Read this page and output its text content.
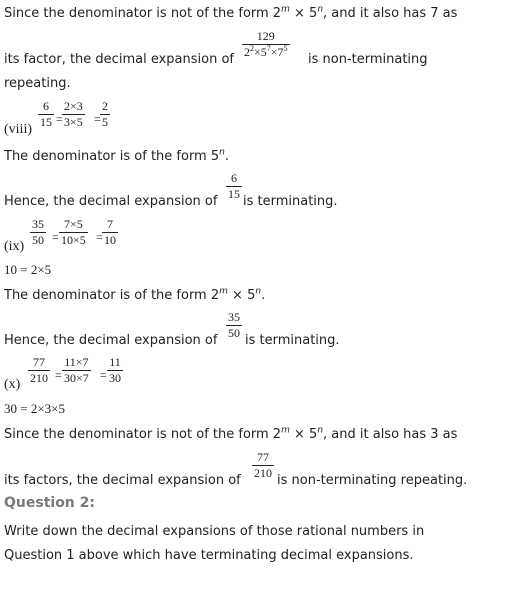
Since the denominator is not of the form $2^m \times 5^n$, and it also has 7 as
its factor, the decimal expansion of
$\frac{129}{2^2\times 5^7\times 7^5}$
is non-terminating
repeating.
$\frac{6}{15} = \frac{2\times 3}{3\times 5} = \frac{2}{5}$
(viii)
The denominator is of the form 5$^n$.
Hence, the decimal expansion of
$\frac{6}{15}$
is terminating.
$\frac{35}{50} = \frac{7\times 5}{10\times 5} = \frac{7}{10}$
(ix)
10 = 2×5
The denominator is of the form $2^m \times 5^n$.
Hence, the decimal expansion of
$\frac{35}{50}$
is terminating.
$\frac{77}{210} = \frac{11\times 7}{30\times 7} = \frac{11}{30}$
(x)
30 = 2×3×5
Since the denominator is not of the form $2^m \times 5^n$, and it also has 3 as
its factors, the decimal expansion of
$\frac{77}{210}$
is non-terminating repeating.
Question 2:
Write down the decimal expansions of those rational numbers in
Question 1 above which have terminating decimal expansions.
